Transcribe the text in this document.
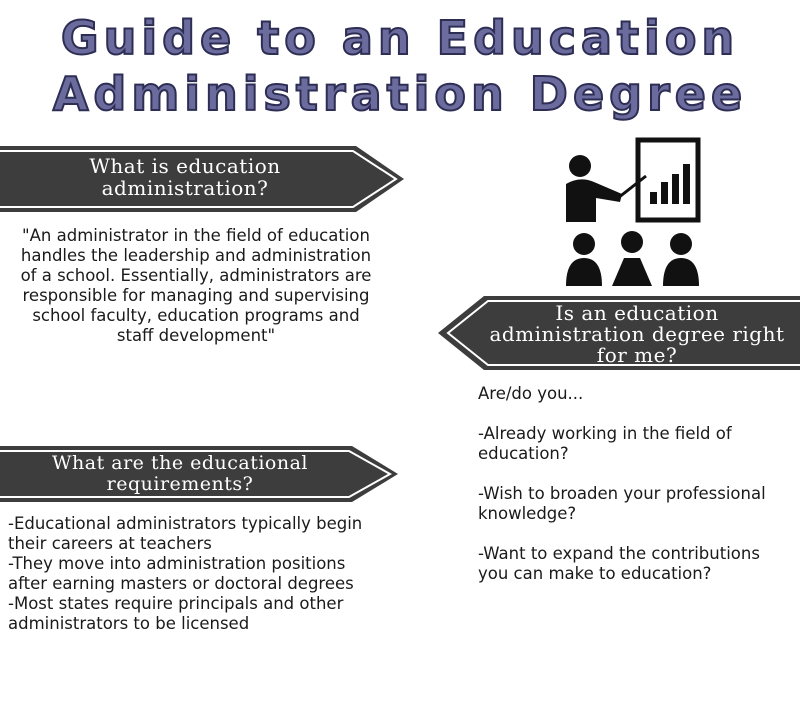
Guide to an Education
Administration Degree
What is education
administration?

"An administrator in the field of education

handles the leadership and administration

of a school. Essentially, administrators are

responsible for managing and supervising

school faculty, education programs and

staff development"

Is an education
administration degree right
for me?

Are/do you...

-Already working in the field of

education?

-Wish to broaden your professional

knowledge?

-Want to expand the contributions

you can make to education?

What are the educational
requirements?

-Educational administrators typically begin

their careers at teachers

-They move into administration positions

after earning masters or doctoral degrees

-Most states require principals and other

administrators to be licensed
